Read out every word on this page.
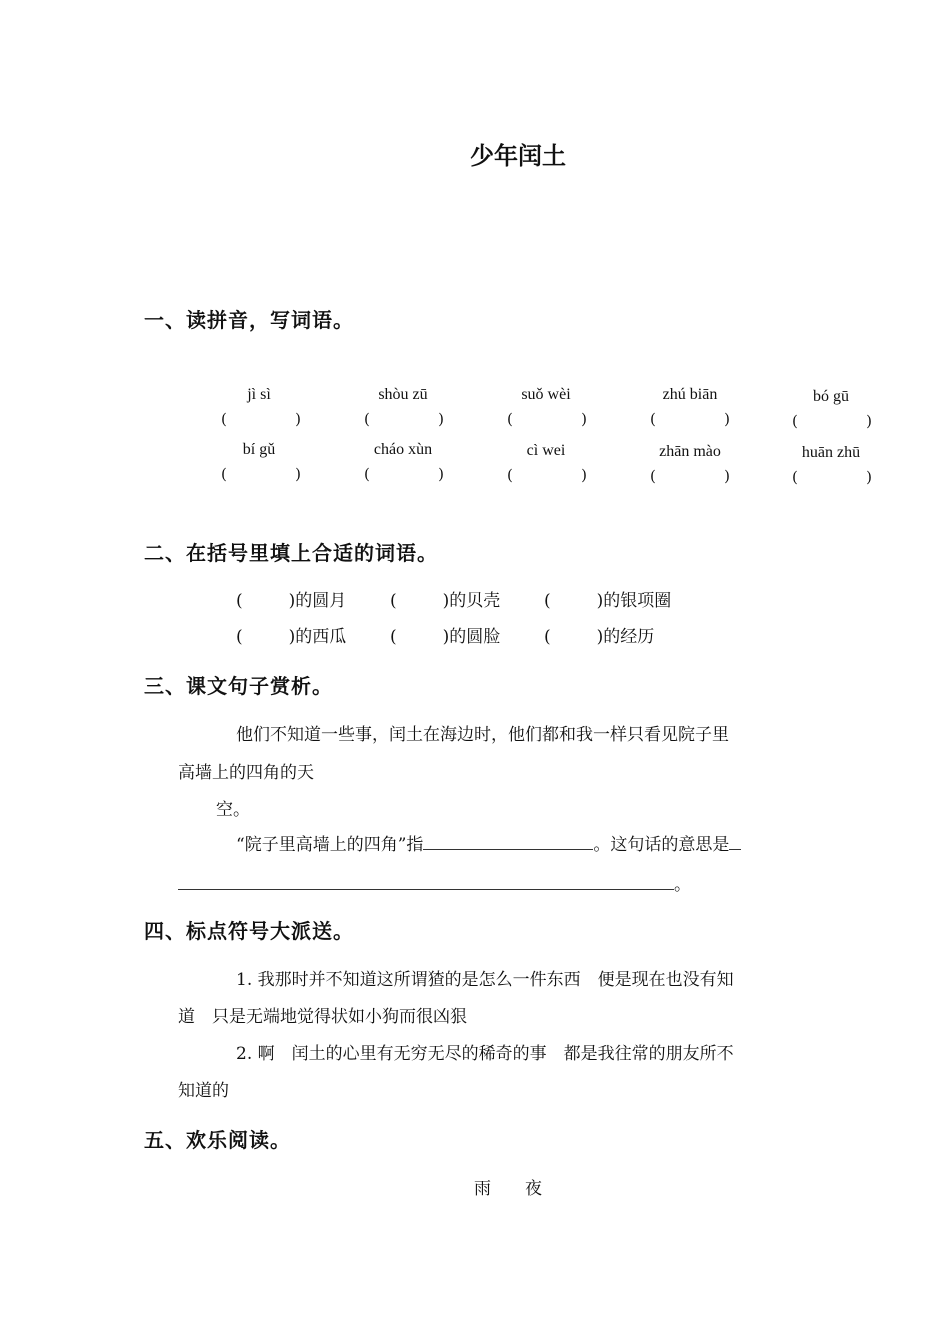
少年闰土
一、读拼音，写词语。
jì sì	shòu zū	suǒ wèi	zhú biān	bó gū
(	)	(	)	(	)	(	)	(	)
bí gǔ	cháo xùn	cì wei	zhān mào	huān zhū
(	)	(	)	(	)	(	)	(	)
二、在括号里填上合适的词语。
(	)的圆月	(	)的贝壳	(	)的银项圈
(	)的西瓜	(	)的圆脸	(	)的经历
三、课文句子赏析。
他们不知道一些事，闰土在海边时，他们都和我一样只看见院子里
高墙上的四角的天
空。
“院子里高墙上的四角”指	。这句话的意思是
。
四、标点符号大派送。
1. 我那时并不知道这所谓猹的是怎么一件东西　便是现在也没有知
道　只是无端地觉得状如小狗而很凶狠
2. 啊　闰土的心里有无穷无尽的稀奇的事　都是我往常的朋友所不
知道的
五、欢乐阅读。
雨　　夜
